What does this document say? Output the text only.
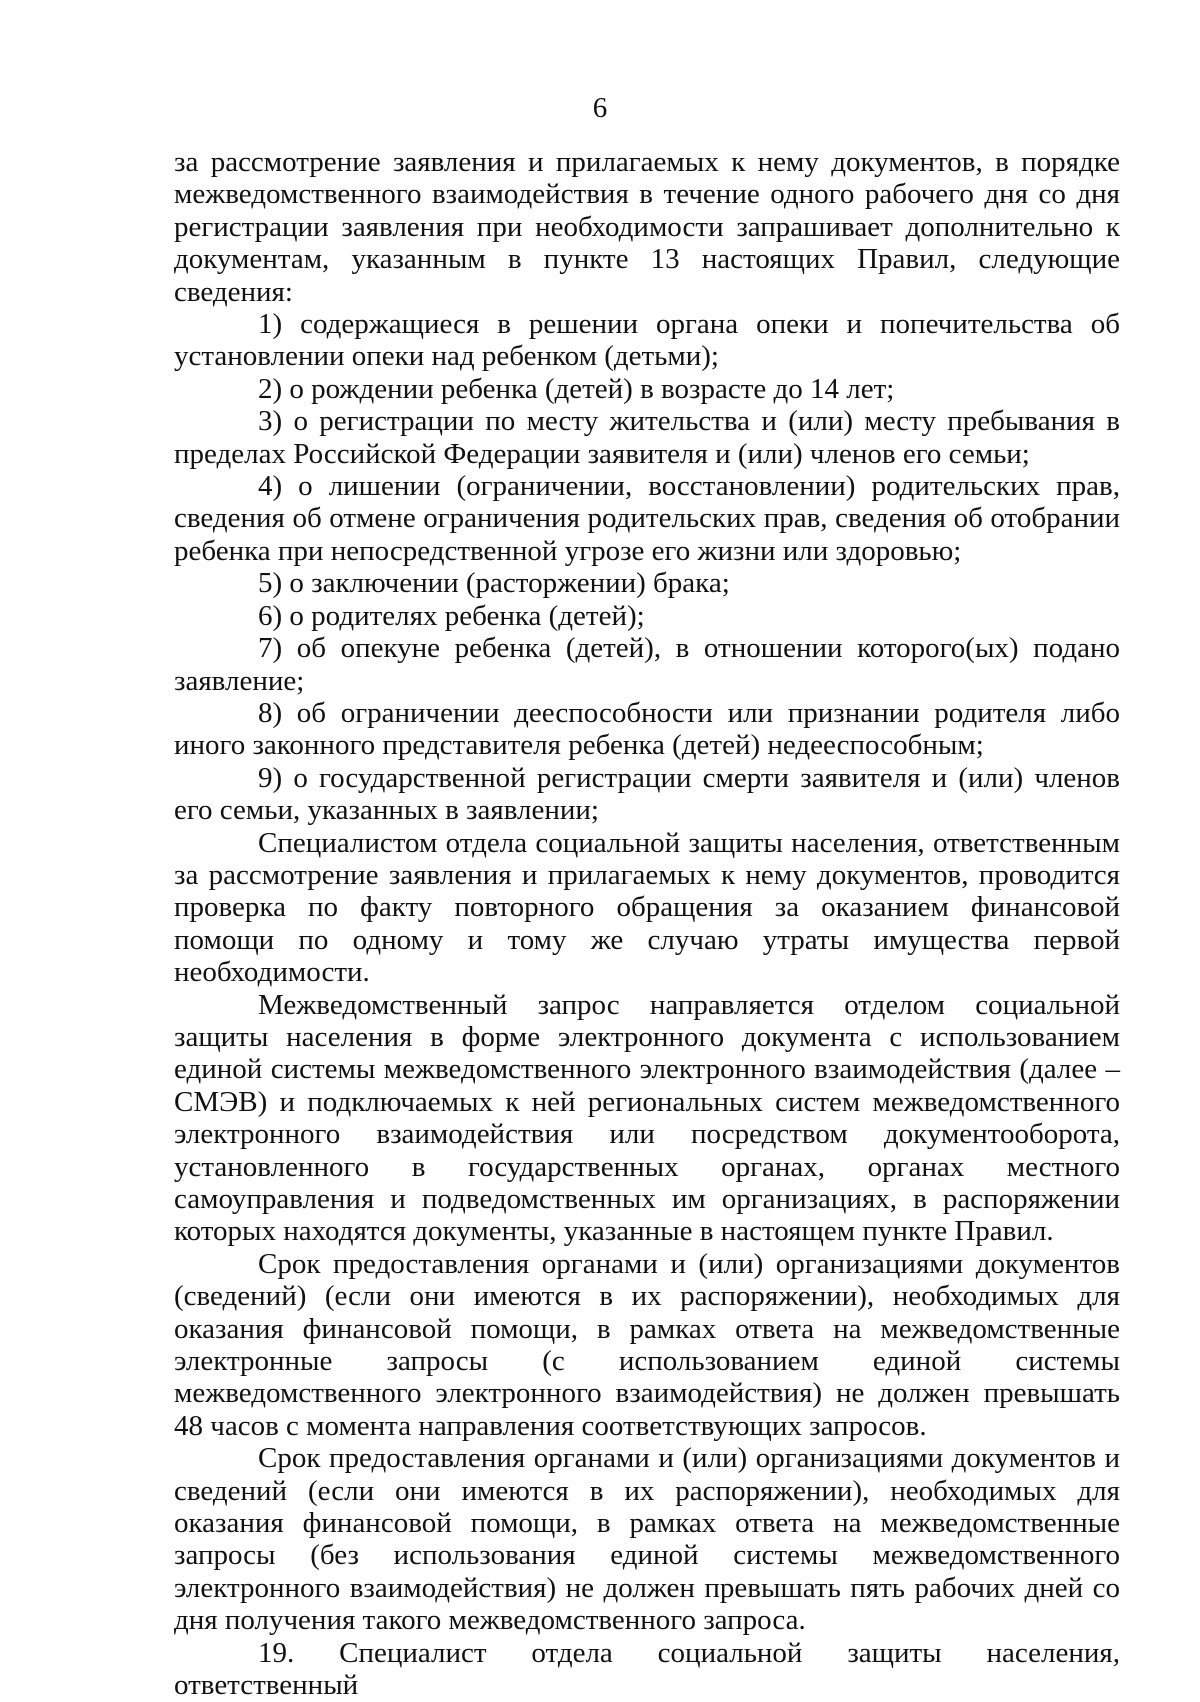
6

за рассмотрение заявления и прилагаемых к нему документов, в порядке межведомственного взаимодействия в течение одного рабочего дня со дня регистрации заявления при необходимости запрашивает дополнительно к документам, указанным в пункте 13 настоящих Правил, следующие сведения:

1) содержащиеся в решении органа опеки и попечительства об установлении опеки над ребенком (детьми);

2) о рождении ребенка (детей) в возрасте до 14 лет;

3) о регистрации по месту жительства и (или) месту пребывания в пределах Российской Федерации заявителя и (или) членов его семьи;

4) о лишении (ограничении, восстановлении) родительских прав, сведения об отмене ограничения родительских прав, сведения об отобрании ребенка при непосредственной угрозе его жизни или здоровью;

5) о заключении (расторжении) брака;

6) о родителях ребенка (детей);

7) об опекуне ребенка (детей), в отношении которого(ых) подано заявление;

8) об ограничении дееспособности или признании родителя либо иного законного представителя ребенка (детей) недееспособным;

9) о государственной регистрации смерти заявителя и (или) членов его семьи, указанных в заявлении;

Специалистом отдела социальной защиты населения, ответственным за рассмотрение заявления и прилагаемых к нему документов, проводится проверка по факту повторного обращения за оказанием финансовой помощи по одному и тому же случаю утраты имущества первой необходимости.

Межведомственный запрос направляется отделом социальной защиты населения в форме электронного документа с использованием единой системы межведомственного электронного взаимодействия (далее – СМЭВ) и подключаемых к ней региональных систем межведомственного электронного взаимодействия или посредством документооборота, установленного в государственных органах, органах местного самоуправления и подведомственных им организациях, в распоряжении которых находятся документы, указанные в настоящем пункте Правил.

Срок предоставления органами и (или) организациями документов (сведений) (если они имеются в их распоряжении), необходимых для оказания финансовой помощи, в рамках ответа на межведомственные электронные запросы (с использованием единой системы межведомственного электронного взаимодействия) не должен превышать 48 часов с момента направления соответствующих запросов.

Срок предоставления органами и (или) организациями документов и сведений (если они имеются в их распоряжении), необходимых для оказания финансовой помощи, в рамках ответа на межведомственные запросы (без использования единой системы межведомственного электронного взаимодействия) не должен превышать пять рабочих дней со дня получения такого межведомственного запроса.

19. Специалист отдела социальной защиты населения, ответственный
